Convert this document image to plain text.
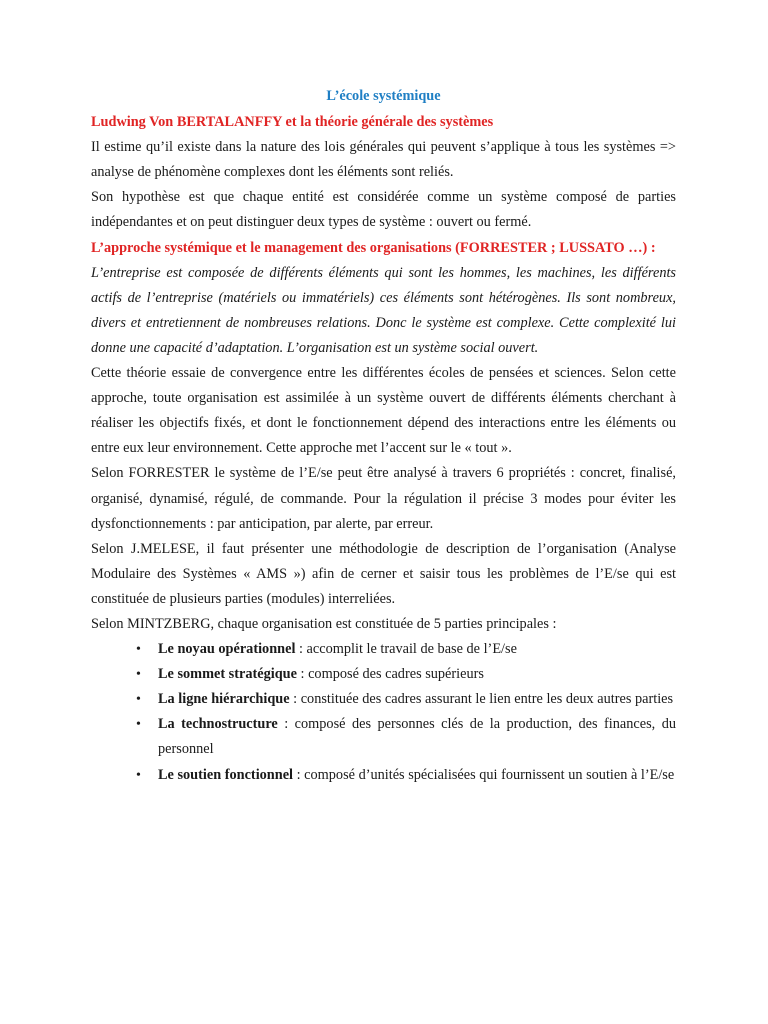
L’école systémique

Ludwing Von BERTALANFFY et la théorie générale des systèmes

Il estime qu’il existe dans la nature des lois générales qui peuvent s’applique à tous les systèmes => analyse de phénomène complexes dont les éléments sont reliés.

Son hypothèse est que chaque entité est considérée comme un système composé de parties indépendantes et on peut distinguer deux types de système : ouvert ou fermé.

L’approche systémique et le management des organisations (FORRESTER ; LUSSATO …) :

L’entreprise est composée de différents éléments qui sont les hommes, les machines, les différents actifs de l’entreprise (matériels ou immatériels) ces éléments sont hétérogènes. Ils sont nombreux, divers et entretiennent de nombreuses relations. Donc le système est complexe. Cette complexité lui donne une capacité d’adaptation. L’organisation est un système social ouvert.

Cette théorie essaie de convergence entre les différentes écoles de pensées et sciences. Selon cette approche, toute organisation est assimilée à un système ouvert de différents éléments cherchant à réaliser les objectifs fixés, et dont le fonctionnement dépend des interactions entre les éléments ou entre eux leur environnement. Cette approche met l’accent sur le « tout ».

Selon FORRESTER le système de l’E/se peut être analysé à travers 6 propriétés : concret, finalisé, organisé, dynamisé, régulé, de commande. Pour la régulation il précise 3 modes pour éviter les dysfonctionnements : par anticipation, par alerte, par erreur.

Selon J.MELESE, il faut présenter une méthodologie de description de l’organisation (Analyse Modulaire des Systèmes « AMS ») afin de cerner et saisir tous les problèmes de l’E/se qui est constituée de plusieurs parties (modules) interreliées.

Selon MINTZBERG, chaque organisation est constituée de 5 parties principales :

• Le noyau opérationnel : accomplit le travail de base de l’E/se
• Le sommet stratégique : composé des cadres supérieurs
• La ligne hiérarchique : constituée des cadres assurant le lien entre les deux autres parties
• La technostructure : composé des personnes clés de la production, des finances, du personnel
• Le soutien fonctionnel : composé d’unités spécialisées qui fournissent un soutien à l’E/se
